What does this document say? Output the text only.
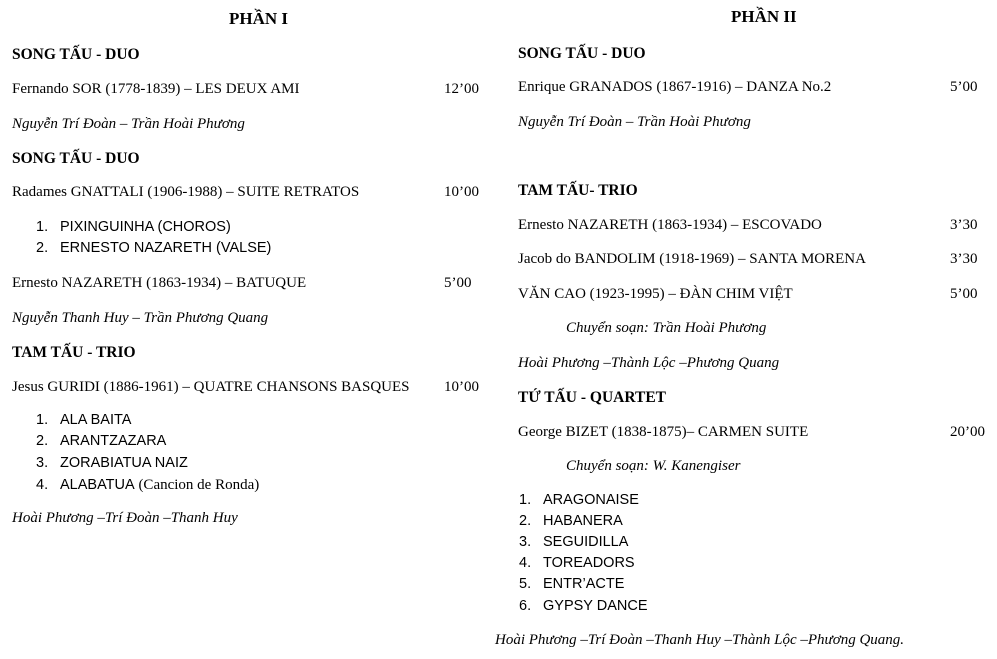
PHẦN I
SONG TẤU - DUO
Fernando SOR (1778-1839) – LES DEUX AMI	12’00
Nguyễn Trí Đoàn – Trần Hoài Phương
SONG TẤU - DUO
Radames GNATTALI (1906-1988) – SUITE RETRATOS	10’00
1. PIXINGUINHA (CHOROS)
2. ERNESTO NAZARETH (VALSE)
Ernesto NAZARETH (1863-1934) – BATUQUE	5’00
Nguyễn Thanh Huy – Trần Phương Quang
TAM TẤU - TRIO
Jesus GURIDI (1886-1961) – QUATRE CHANSONS BASQUES 10’00
1. ALA BAITA
2. ARANTZAZARA
3. ZORABIATUA NAIZ
4. ALABATUA (Cancion de Ronda)
Hoài Phương –Trí Đoàn –Thanh Huy
PHẦN II
SONG TẤU - DUO
Enrique GRANADOS (1867-1916) – DANZA No.2	5’00
Nguyễn Trí Đoàn – Trần Hoài Phương
TAM TẤU- TRIO
Ernesto NAZARETH (1863-1934) – ESCOVADO	3’30
Jacob do BANDOLIM (1918-1969) – SANTA MORENA	3’30
VĂN CAO (1923-1995) – ĐÀN CHIM VIỆT	5’00
Chuyển soạn: Trần Hoài Phương
Hoài Phương –Thành Lộc –Phương Quang
TỨ TẤU - QUARTET
George BIZET (1838-1875)– CARMEN SUITE	20’00
Chuyển soạn: W. Kanengiser
1. ARAGONAISE
2. HABANERA
3. SEGUIDILLA
4. TOREADORS
5. ENTR’ACTE
6. GYPSY DANCE
Hoài Phương –Trí Đoàn –Thanh Huy –Thành Lộc –Phương Quang.
